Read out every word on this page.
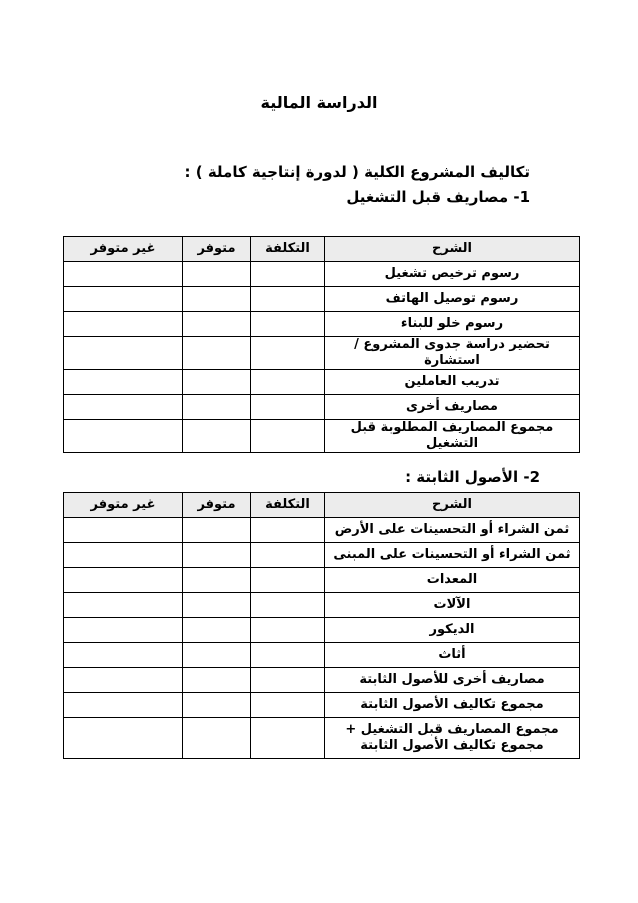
الدراسة المالية
تكاليف المشروع الكلية ( لدورة إنتاجية كاملة ) :
1- مصاريف قبل التشغيل
الشرح	التكلفة	متوفر	غير متوفر
رسوم ترخيص تشغيل			
رسوم توصيل الهاتف			
رسوم خلو للبناء			
تحضير دراسة جدوى المشروع / استشارة			
تدريب العاملين			
مصاريف أخرى			
مجموع المصاريف المطلوبة قبل التشغيل			
2- الأصول الثابتة :
الشرح	التكلفة	متوفر	غير متوفر
ثمن الشراء أو التحسينات على الأرض			
ثمن الشراء أو التحسينات على المبنى			
المعدات			
الآلات			
الديكور			
أثاث			
مصاريف أخرى للأصول الثابتة			
مجموع تكاليف الأصول الثابتة			
مجموع المصاريف قبل التشغيل + مجموع تكاليف الأصول الثابتة			
